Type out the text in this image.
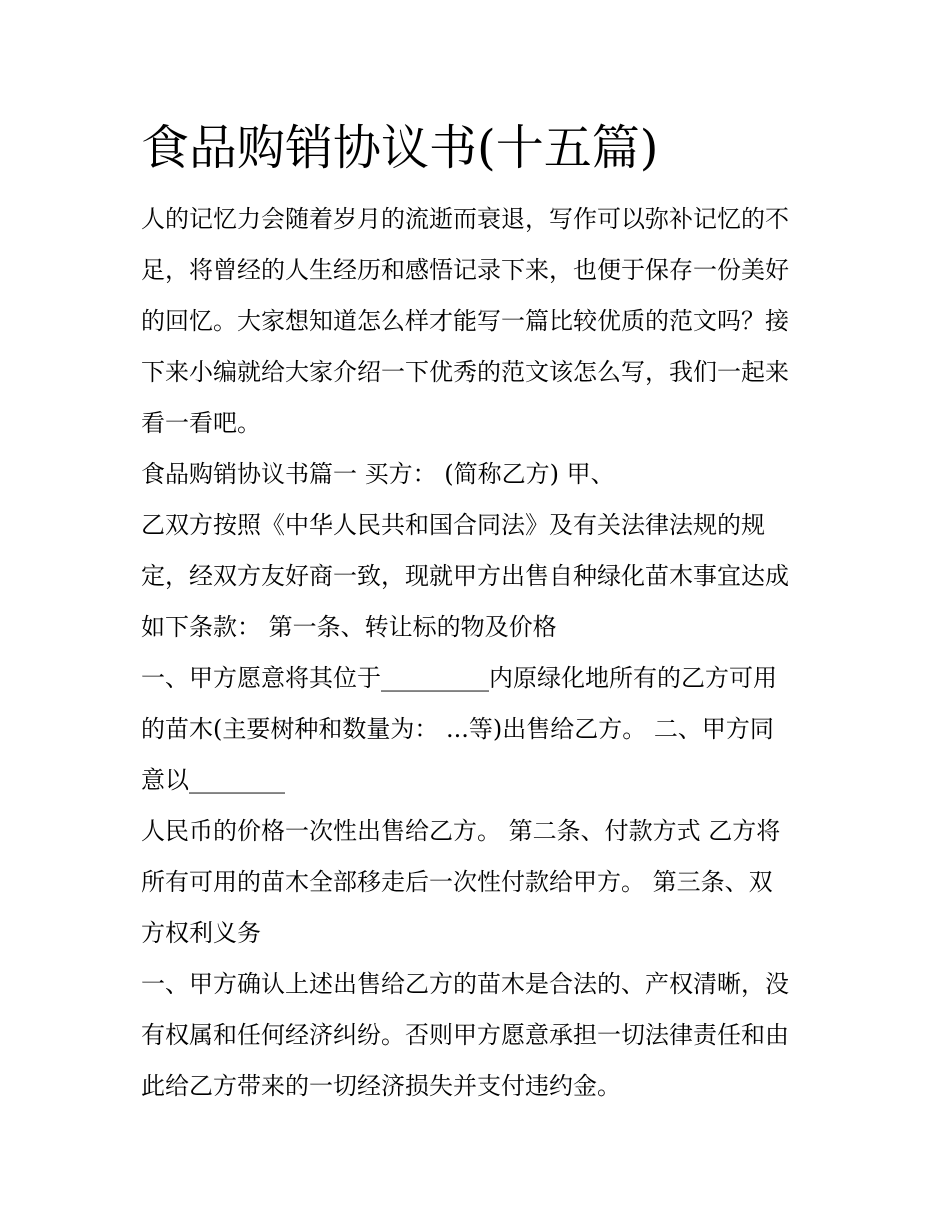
食品购销协议书(十五篇)

人的记忆力会随着岁月的流逝而衰退，写作可以弥补记忆的不

足，将曾经的人生经历和感悟记录下来，也便于保存一份美好

的回忆。大家想知道怎么样才能写一篇比较优质的范文吗？接

下来小编就给大家介绍一下优秀的范文该怎么写，我们一起来

看一看吧。

食品购销协议书篇一 买方： (简称乙方) 甲、

乙双方按照《中华人民共和国合同法》及有关法律法规的规

定，经双方友好商一致，现就甲方出售自种绿化苗木事宜达成

如下条款： 第一条、转让标的物及价格

一、甲方愿意将其位于_________内原绿化地所有的乙方可用

的苗木(主要树种和数量为： ...等)出售给乙方。 二、甲方同

意以________

人民币的价格一次性出售给乙方。 第二条、付款方式 乙方将

所有可用的苗木全部移走后一次性付款给甲方。 第三条、双

方权利义务

一、甲方确认上述出售给乙方的苗木是合法的、产权清晰，没

有权属和任何经济纠纷。否则甲方愿意承担一切法律责任和由

此给乙方带来的一切经济损失并支付违约金。
